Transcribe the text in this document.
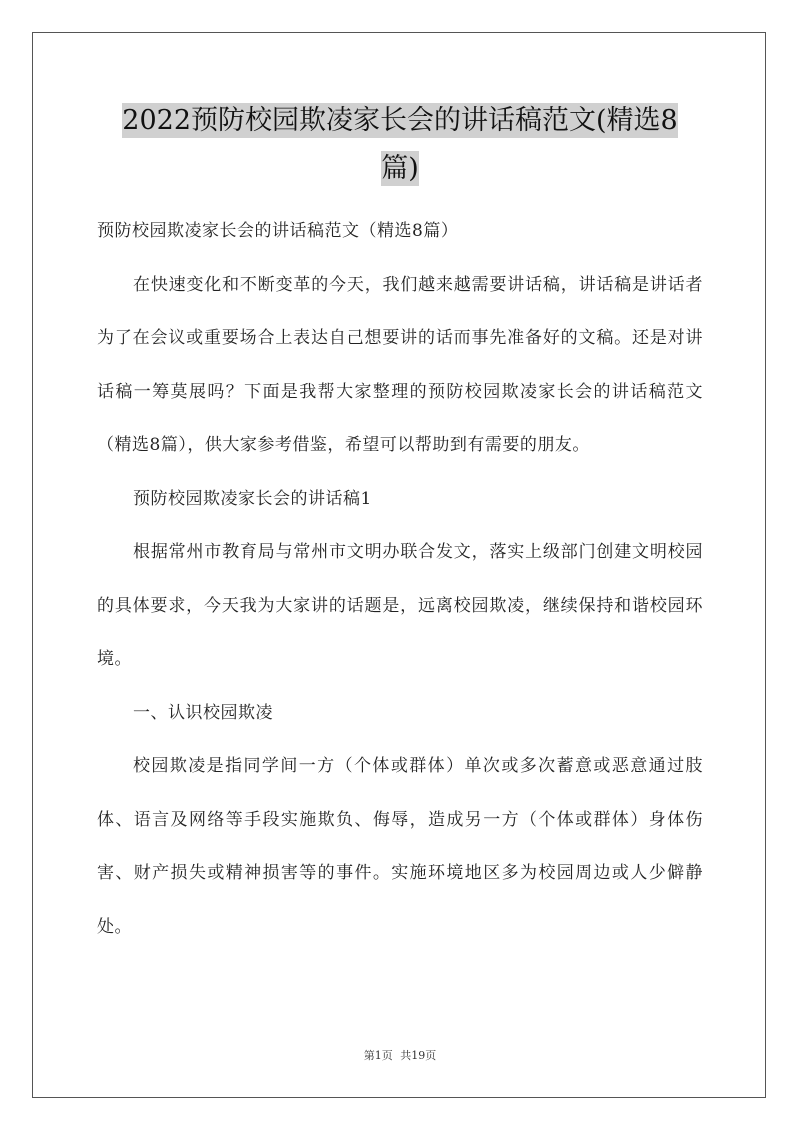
2022预防校园欺凌家长会的讲话稿范文(精选8
篇)

预防校园欺凌家长会的讲话稿范文（精选8篇）

在快速变化和不断变革的今天，我们越来越需要讲话稿，讲话稿是讲话者为了在会议或重要场合上表达自己想要讲的话而事先准备好的文稿。还是对讲话稿一筹莫展吗？下面是我帮大家整理的预防校园欺凌家长会的讲话稿范文（精选8篇），供大家参考借鉴，希望可以帮助到有需要的朋友。

预防校园欺凌家长会的讲话稿1

根据常州市教育局与常州市文明办联合发文，落实上级部门创建文明校园的具体要求，今天我为大家讲的话题是，远离校园欺凌，继续保持和谐校园环境。

一、认识校园欺凌

校园欺凌是指同学间一方（个体或群体）单次或多次蓄意或恶意通过肢体、语言及网络等手段实施欺负、侮辱，造成另一方（个体或群体）身体伤害、财产损失或精神损害等的事件。实施环境地区多为校园周边或人少僻静处。

第1页 共19页
